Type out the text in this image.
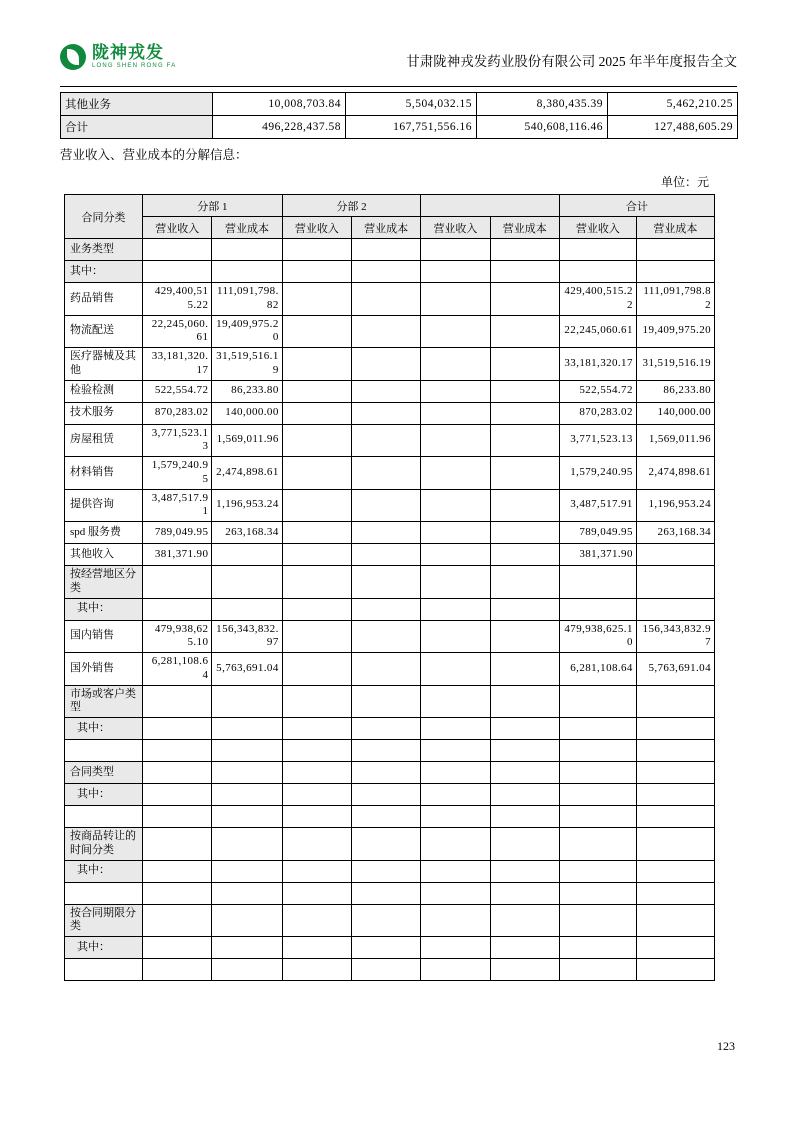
陇神戎发
LONG SHEN RONG FA	甘肃陇神戎发药业股份有限公司 2025 年半年度报告全文
其他业务	10,008,703.84	5,504,032.15	8,380,435.39	5,462,210.25
合计	496,228,437.58	167,751,556.16	540,608,116.46	127,488,605.29

营业收入、营业成本的分解信息：

单位：元
合同分类	分部 1		分部 2				合计	
	营业收入	营业成本	营业收入	营业成本	营业收入	营业成本	营业收入	营业成本
业务类型								
其中：								
药品销售	429,400,515.22	111,091,798.82					429,400,515.22	111,091,798.82
物流配送	22,245,060.61	19,409,975.20					22,245,060.61	19,409,975.20
医疗器械及其他	33,181,320.17	31,519,516.19					33,181,320.17	31,519,516.19
检验检测	522,554.72	86,233.80					522,554.72	86,233.80
技术服务	870,283.02	140,000.00					870,283.02	140,000.00
房屋租赁	3,771,523.13	1,569,011.96					3,771,523.13	1,569,011.96
材料销售	1,579,240.95	2,474,898.61					1,579,240.95	2,474,898.61
提供咨询	3,487,517.91	1,196,953.24					3,487,517.91	1,196,953.24
spd 服务费	789,049.95	263,168.34					789,049.95	263,168.34
其他收入	381,371.90						381,371.90	
按经营地区分类								
其中：								
国内销售	479,938,625.10	156,343,832.97					479,938,625.10	156,343,832.97
国外销售	6,281,108.64	5,763,691.04					6,281,108.64	5,763,691.04
市场或客户类型								
其中：								

合同类型								
其中：								

按商品转让的时间分类								
其中：								

按合同期限分类								
其中：								

123
